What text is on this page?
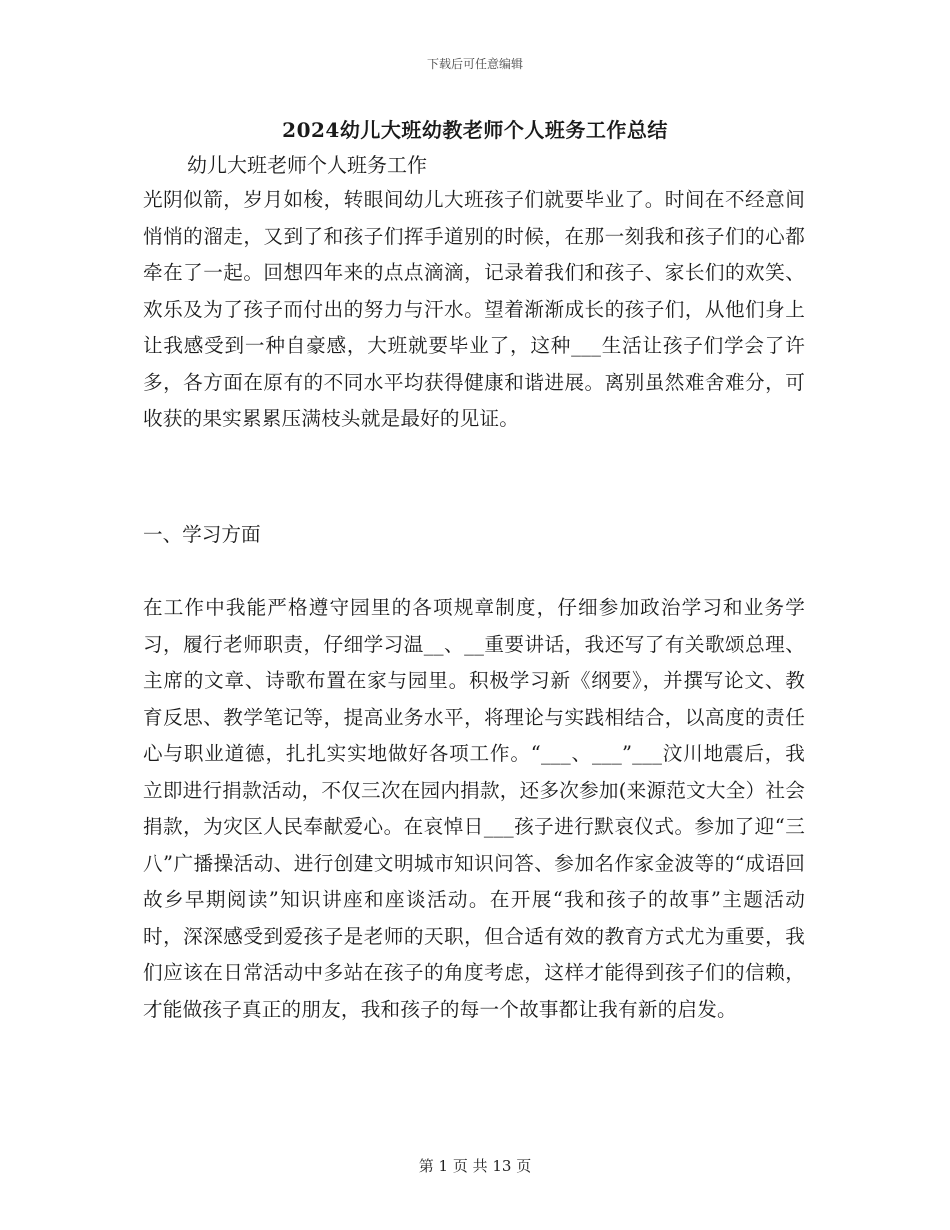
下载后可任意编辑
2024幼儿大班幼教老师个人班务工作总结
幼儿大班老师个人班务工作
光阴似箭，岁月如梭，转眼间幼儿大班孩子们就要毕业了。时间在不经意间悄悄的溜走，又到了和孩子们挥手道别的时候，在那一刻我和孩子们的心都牵在了一起。回想四年来的点点滴滴，记录着我们和孩子、家长们的欢笑、欢乐及为了孩子而付出的努力与汗水。望着渐渐成长的孩子们，从他们身上让我感受到一种自豪感，大班就要毕业了，这种___生活让孩子们学会了许多，各方面在原有的不同水平均获得健康和谐进展。离别虽然难舍难分，可收获的果实累累压满枝头就是最好的见证。
一、学习方面
在工作中我能严格遵守园里的各项规章制度，仔细参加政治学习和业务学习，履行老师职责，仔细学习温__、__重要讲话，我还写了有关歌颂总理、主席的文章、诗歌布置在家与园里。积极学习新《纲要》，并撰写论文、教育反思、教学笔记等，提高业务水平，将理论与实践相结合，以高度的责任心与职业道德，扎扎实实地做好各项工作。“___、___”___汶川地震后，我立即进行捐款活动，不仅三次在园内捐款，还多次参加(来源范文大全）社会捐款，为灾区人民奉献爱心。在哀悼日___孩子进行默哀仪式。参加了迎“三八”广播操活动、进行创建文明城市知识问答、参加名作家金波等的“成语回故乡早期阅读”知识讲座和座谈活动。在开展“我和孩子的故事”主题活动时，深深感受到爱孩子是老师的天职，但合适有效的教育方式尤为重要，我们应该在日常活动中多站在孩子的角度考虑，这样才能得到孩子们的信赖，才能做孩子真正的朋友，我和孩子的每一个故事都让我有新的启发。
第 1 页 共 13 页
